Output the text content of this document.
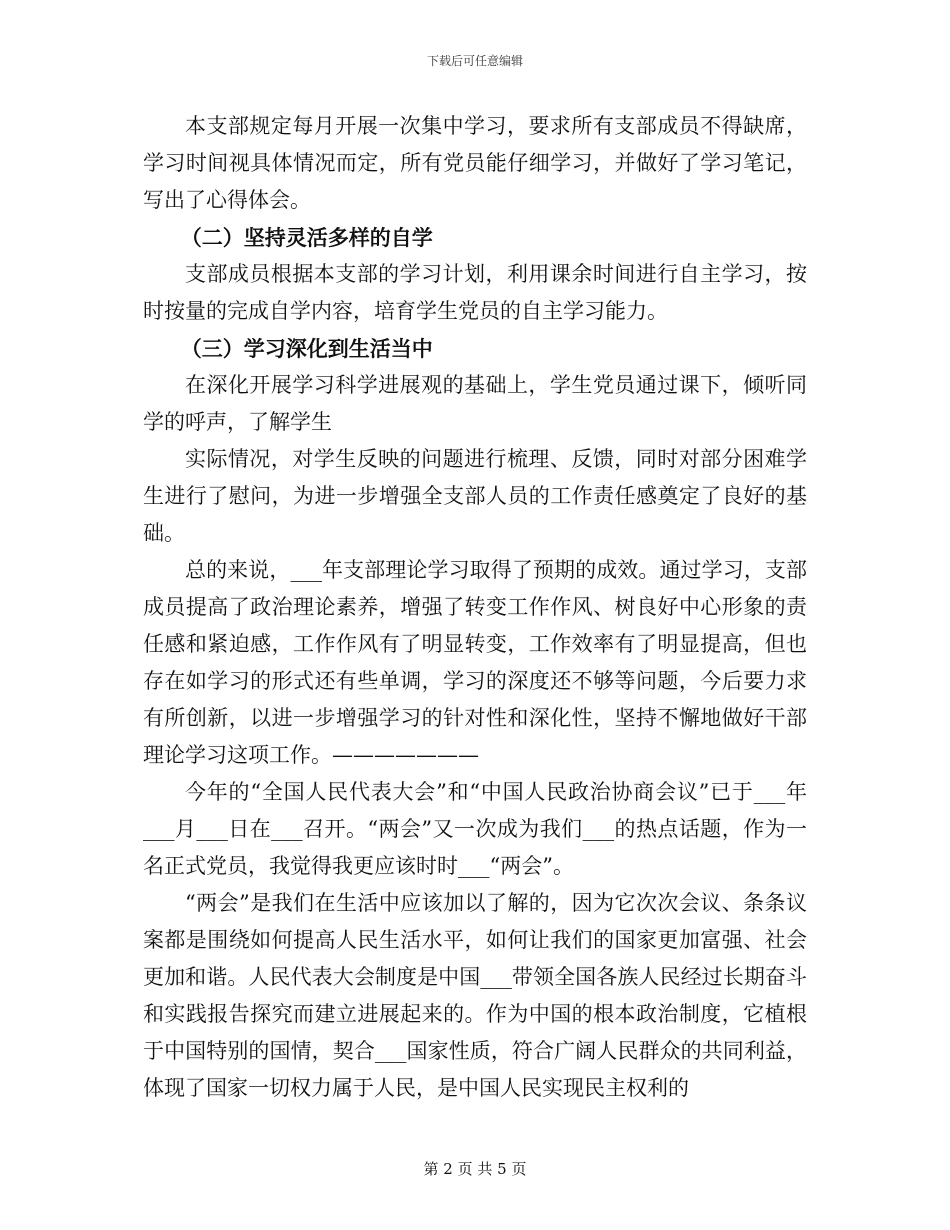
下载后可任意编辑

本支部规定每月开展一次集中学习，要求所有支部成员不得缺席，学习时间视具体情况而定，所有党员能仔细学习，并做好了学习笔记，写出了心得体会。

（二）坚持灵活多样的自学

支部成员根据本支部的学习计划，利用课余时间进行自主学习，按时按量的完成自学内容，培育学生党员的自主学习能力。

（三）学习深化到生活当中

在深化开展学习科学进展观的基础上，学生党员通过课下，倾听同学的呼声，了解学生

实际情况，对学生反映的问题进行梳理、反馈，同时对部分困难学生进行了慰问，为进一步增强全支部人员的工作责任感奠定了良好的基础。

总的来说，___年支部理论学习取得了预期的成效。通过学习，支部成员提高了政治理论素养，增强了转变工作作风、树良好中心形象的责任感和紧迫感，工作作风有了明显转变，工作效率有了明显提高，但也存在如学习的形式还有些单调，学习的深度还不够等问题，今后要力求有所创新，以进一步增强学习的针对性和深化性，坚持不懈地做好干部理论学习这项工作。———————

今年的“全国人民代表大会”和“中国人民政治协商会议”已于___年___月___日在___召开。“两会”又一次成为我们___的热点话题，作为一名正式党员，我觉得我更应该时时___“两会”。

“两会”是我们在生活中应该加以了解的，因为它次次会议、条条议案都是围绕如何提高人民生活水平，如何让我们的国家更加富强、社会更加和谐。人民代表大会制度是中国___带领全国各族人民经过长期奋斗和实践报告探究而建立进展起来的。作为中国的根本政治制度，它植根于中国特别的国情，契合___国家性质，符合广阔人民群众的共同利益，体现了国家一切权力属于人民，是中国人民实现民主权利的

第 2 页 共 5 页
